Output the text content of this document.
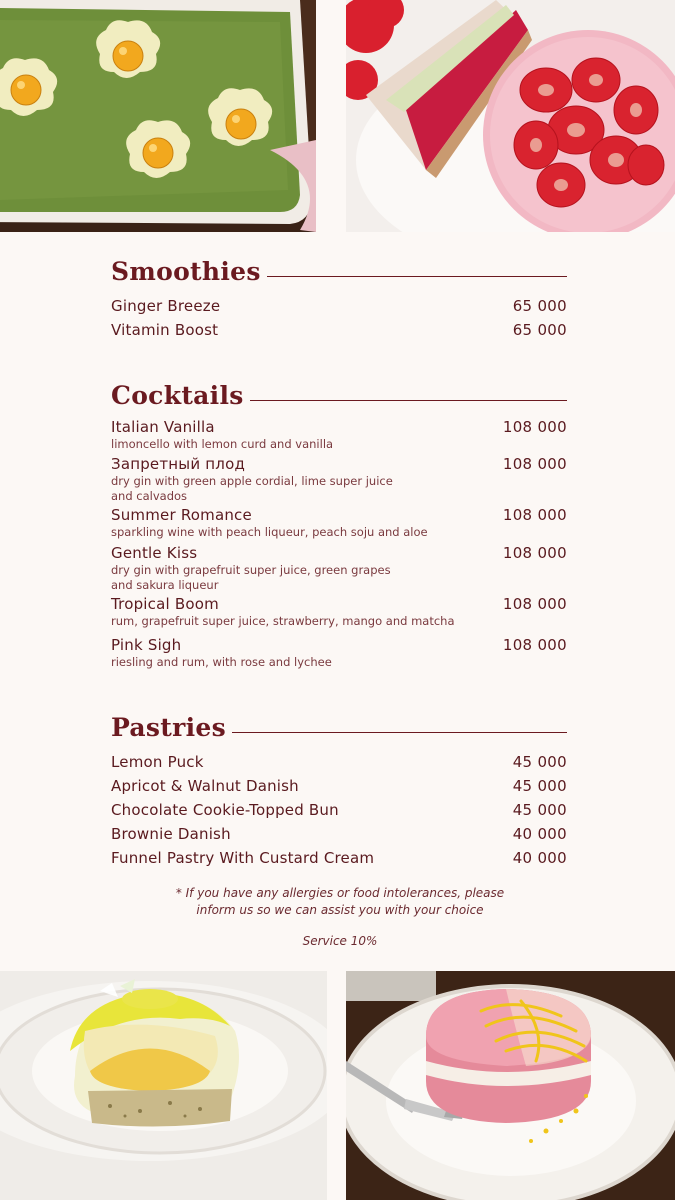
Smoothies
Ginger Breeze	65 000
Vitamin Boost	65 000
Cocktails
Italian Vanilla
limoncello with lemon curd and vanilla
108 000
Запретный плод
dry gin with green apple cordial, lime super juice
and calvados
108 000
Summer Romance
sparkling wine with peach liqueur, peach soju and aloe
108 000
Gentle Kiss
dry gin with grapefruit super juice, green grapes
and sakura liqueur
108 000
Tropical Boom
rum, grapefruit super juice, strawberry, mango and matcha
108 000
Pink Sigh
riesling and rum, with rose and lychee
108 000
Pastries
Lemon Puck	45 000
Apricot & Walnut Danish	45 000
Chocolate Cookie-Topped Bun	45 000
Brownie Danish	40 000
Funnel Pastry With Custard Cream	40 000
* If you have any allergies or food intolerances, please
inform us so we can assist you with your choice
Service 10%
